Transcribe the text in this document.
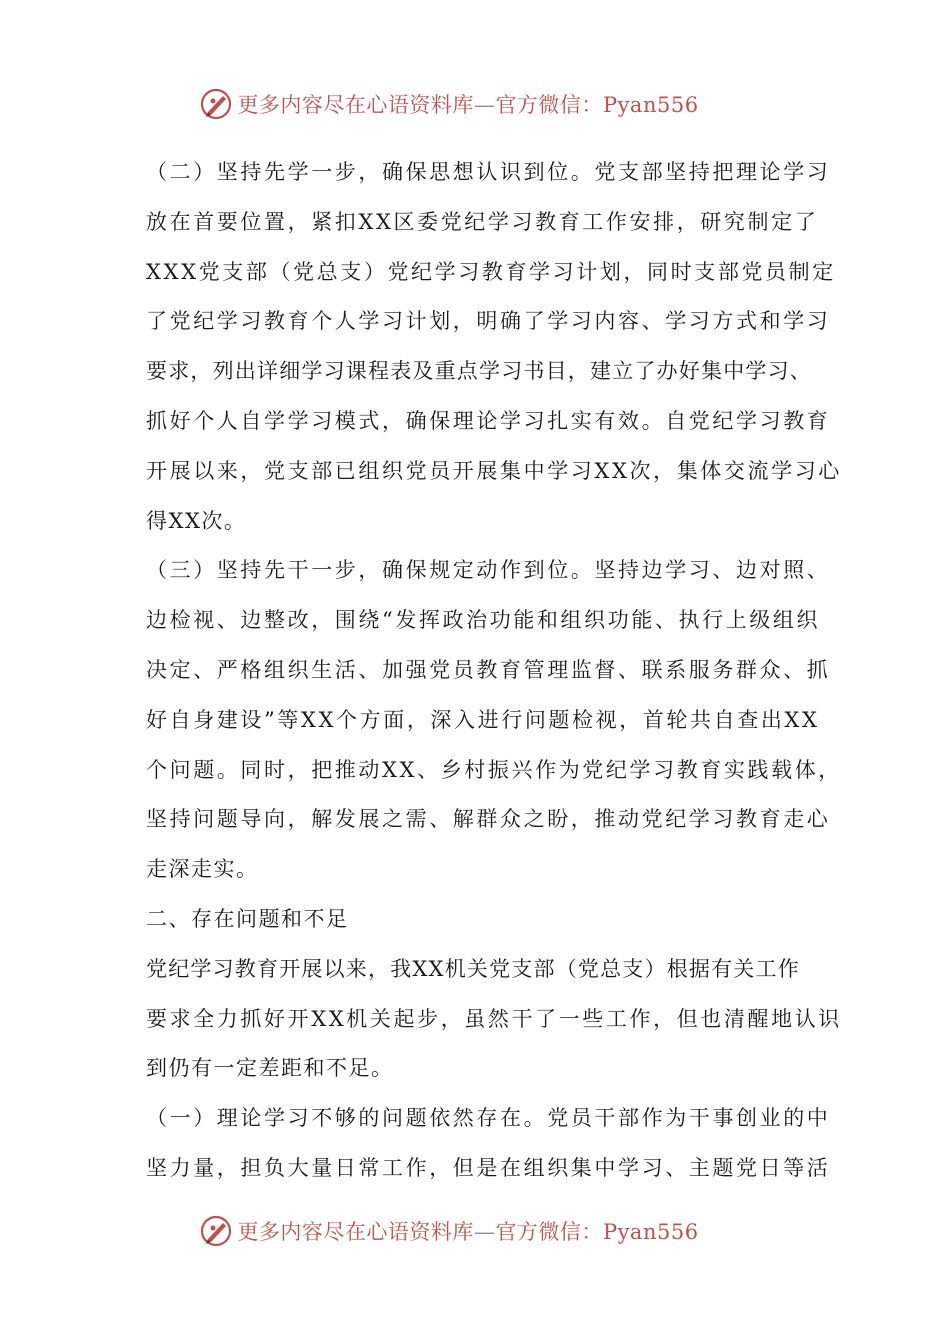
更多内容尽在心语资料库—官方微信：Pyan556
（二）坚持先学一步，确保思想认识到位。党支部坚持把理论学习
放在首要位置，紧扣XX区委党纪学习教育工作安排，研究制定了
XXX党支部（党总支）党纪学习教育学习计划，同时支部党员制定
了党纪学习教育个人学习计划，明确了学习内容、学习方式和学习
要求，列出详细学习课程表及重点学习书目，建立了办好集中学习、
抓好个人自学学习模式，确保理论学习扎实有效。自党纪学习教育
开展以来，党支部已组织党员开展集中学习XX次，集体交流学习心
得XX次。
（三）坚持先干一步，确保规定动作到位。坚持边学习、边对照、
边检视、边整改，围绕“发挥政治功能和组织功能、执行上级组织
决定、严格组织生活、加强党员教育管理监督、联系服务群众、抓
好自身建设”等XX个方面，深入进行问题检视，首轮共自查出XX
个问题。同时，把推动XX、乡村振兴作为党纪学习教育实践载体，
坚持问题导向，解发展之需、解群众之盼，推动党纪学习教育走心
走深走实。
二、存在问题和不足
党纪学习教育开展以来，我XX机关党支部（党总支）根据有关工作
要求全力抓好开XX机关起步，虽然干了一些工作，但也清醒地认识
到仍有一定差距和不足。
（一）理论学习不够的问题依然存在。党员干部作为干事创业的中
坚力量，担负大量日常工作，但是在组织集中学习、主题党日等活
更多内容尽在心语资料库—官方微信：Pyan556
